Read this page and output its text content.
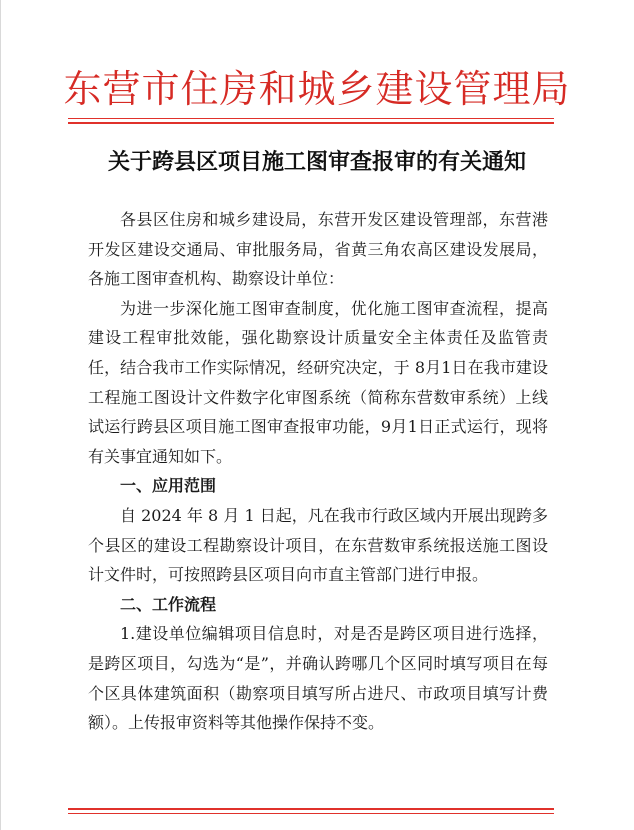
东营市住房和城乡建设管理局
关于跨县区项目施工图审查报审的有关通知

各县区住房和城乡建设局，东营开发区建设管理部，东营港开发区建设交通局、审批服务局，省黄三角农高区建设发展局，各施工图审查机构、勘察设计单位：

为进一步深化施工图审查制度，优化施工图审查流程，提高建设工程审批效能，强化勘察设计质量安全主体责任及监管责任，结合我市工作实际情况，经研究决定，于 8月1日在我市建设工程施工图设计文件数字化审图系统（简称东营数审系统）上线试运行跨县区项目施工图审查报审功能，9月1日正式运行，现将有关事宜通知如下。

一、应用范围

自 2024 年 8 月 1 日起，凡在我市行政区域内开展出现跨多个县区的建设工程勘察设计项目，在东营数审系统报送施工图设计文件时，可按照跨县区项目向市直主管部门进行申报。

二、工作流程

1.建设单位编辑项目信息时，对是否是跨区项目进行选择，是跨区项目，勾选为“是”，并确认跨哪几个区同时填写项目在每个区具体建筑面积（勘察项目填写所占进尺、市政项目填写计费额）。上传报审资料等其他操作保持不变。
